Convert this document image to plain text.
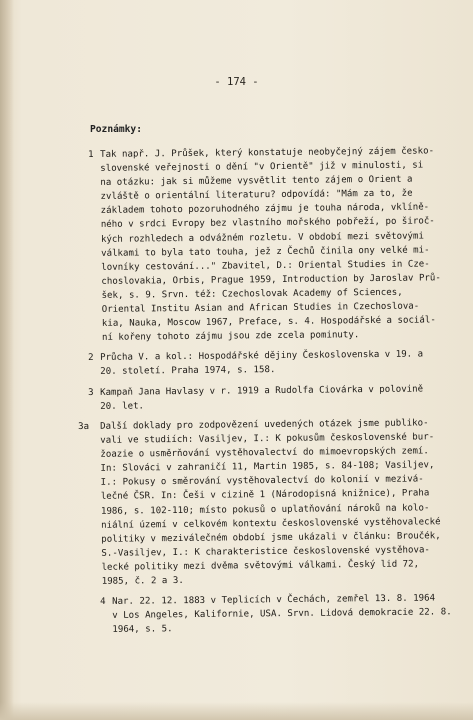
- 174 -
Poznámky:
1 Tak např. J. Průšek, který konstatuje neobyčejný zájem česko-
slovenské veřejnosti o dění "v Orientě" již v minulosti, si
na otázku: jak si můžeme vysvětlit tento zájem o Orient a
zvláště o orientální literaturu? odpovídá: "Mám za to, že
základem tohoto pozoruhodného zájmu je touha národa, vklíně-
ného v srdci Evropy bez vlastního mořského pobřeží, po široč-
kých rozhledech a odvážném rozletu. V období mezi světovými
válkami to byla tato touha, jež z Čechů činila ony velké mi-
lovníky cestování..." Zbavitel, D.: Oriental Studies in Cze-
choslovakia, Orbis, Prague 1959, Introduction by Jaroslav Prů-
šek, s. 9. Srvn. též: Czechoslovak Academy of Sciences,
Oriental Institu Asian and African Studies in Czechoslova-
kia, Nauka, Moscow 1967, Preface, s. 4. Hospodářské a sociál-
ní kořeny tohoto zájmu jsou zde zcela pominuty.
2 Průcha V. a kol.: Hospodářské dějiny Československa v 19. a
20. století. Praha 1974, s. 158.
3 Kampaň Jana Havlasy v r. 1919 a Rudolfa Ciovárka v polovině
20. let.
3a Další doklady pro zodpovězení uvedených otázek jsme publiko-
vali ve studiích: Vasiljev, I.: K pokusům československé bur-
žoazie o usměrňování vystěhovalectví do mimoevropských zemí.
In: Slováci v zahraničí 11, Martin 1985, s. 84-108; Vasiljev,
I.: Pokusy o směrování vystěhovalectví do kolonií v mezivá-
lečné ČSR. In: Češi v cizině 1 (Národopisná knižnice), Praha
1986, s. 102-110; místo pokusů o uplatňování nároků na kolo-
niální území v celkovém kontextu československé vystěhovalecké
politiky v meziválečném období jsme ukázali v článku: Broučék,
S.-Vasiljev, I.: K charakteristice československé vystěhova-
lecké politiky mezi dvěma světovými válkami. Český lid 72,
1985, č. 2 a 3.
4 Nar. 22. 12. 1883 v Teplicích v Čechách, zemřel 13. 8. 1964
v Los Angeles, Kalifornie, USA. Srvn. Lidová demokracie 22. 8.
1964, s. 5.
